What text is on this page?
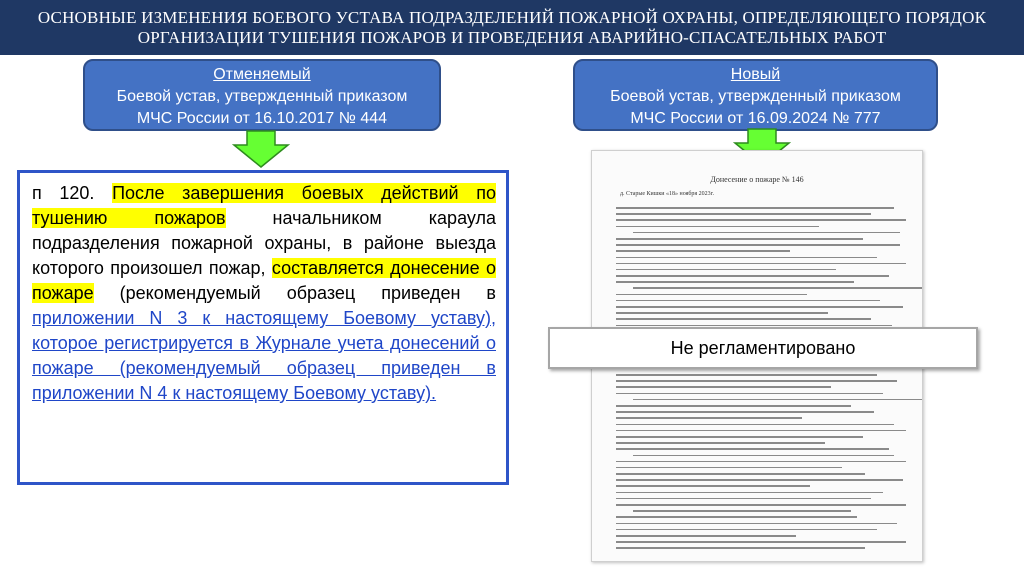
ОСНОВНЫЕ ИЗМЕНЕНИЯ БОЕВОГО УСТАВА ПОДРАЗДЕЛЕНИЙ ПОЖАРНОЙ ОХРАНЫ, ОПРЕДЕЛЯЮЩЕГО ПОРЯДОК
ОРГАНИЗАЦИИ ТУШЕНИЯ ПОЖАРОВ И ПРОВЕДЕНИЯ АВАРИЙНО-СПАСАТЕЛЬНЫХ РАБОТ
Отменяемый
Боевой устав, утвержденный приказом
МЧС России от 16.10.2017 № 444
Новый
Боевой устав, утвержденный приказом
МЧС России от 16.09.2024 № 777
п 120. После завершения боевых действий по тушению пожаров начальником караула подразделения пожарной охраны, в районе выезда которого произошел пожар, составляется донесение о пожаре (рекомендуемый образец приведен в приложении N 3 к настоящему Боевому уставу), которое регистрируется в Журнале учета донесений о пожаре (рекомендуемый образец приведен в приложении N 4 к настоящему Боевому уставу).
Донесение о пожаре № 146
д. Старые Кишки «18» ноября 2023г.
Не регламентировано
